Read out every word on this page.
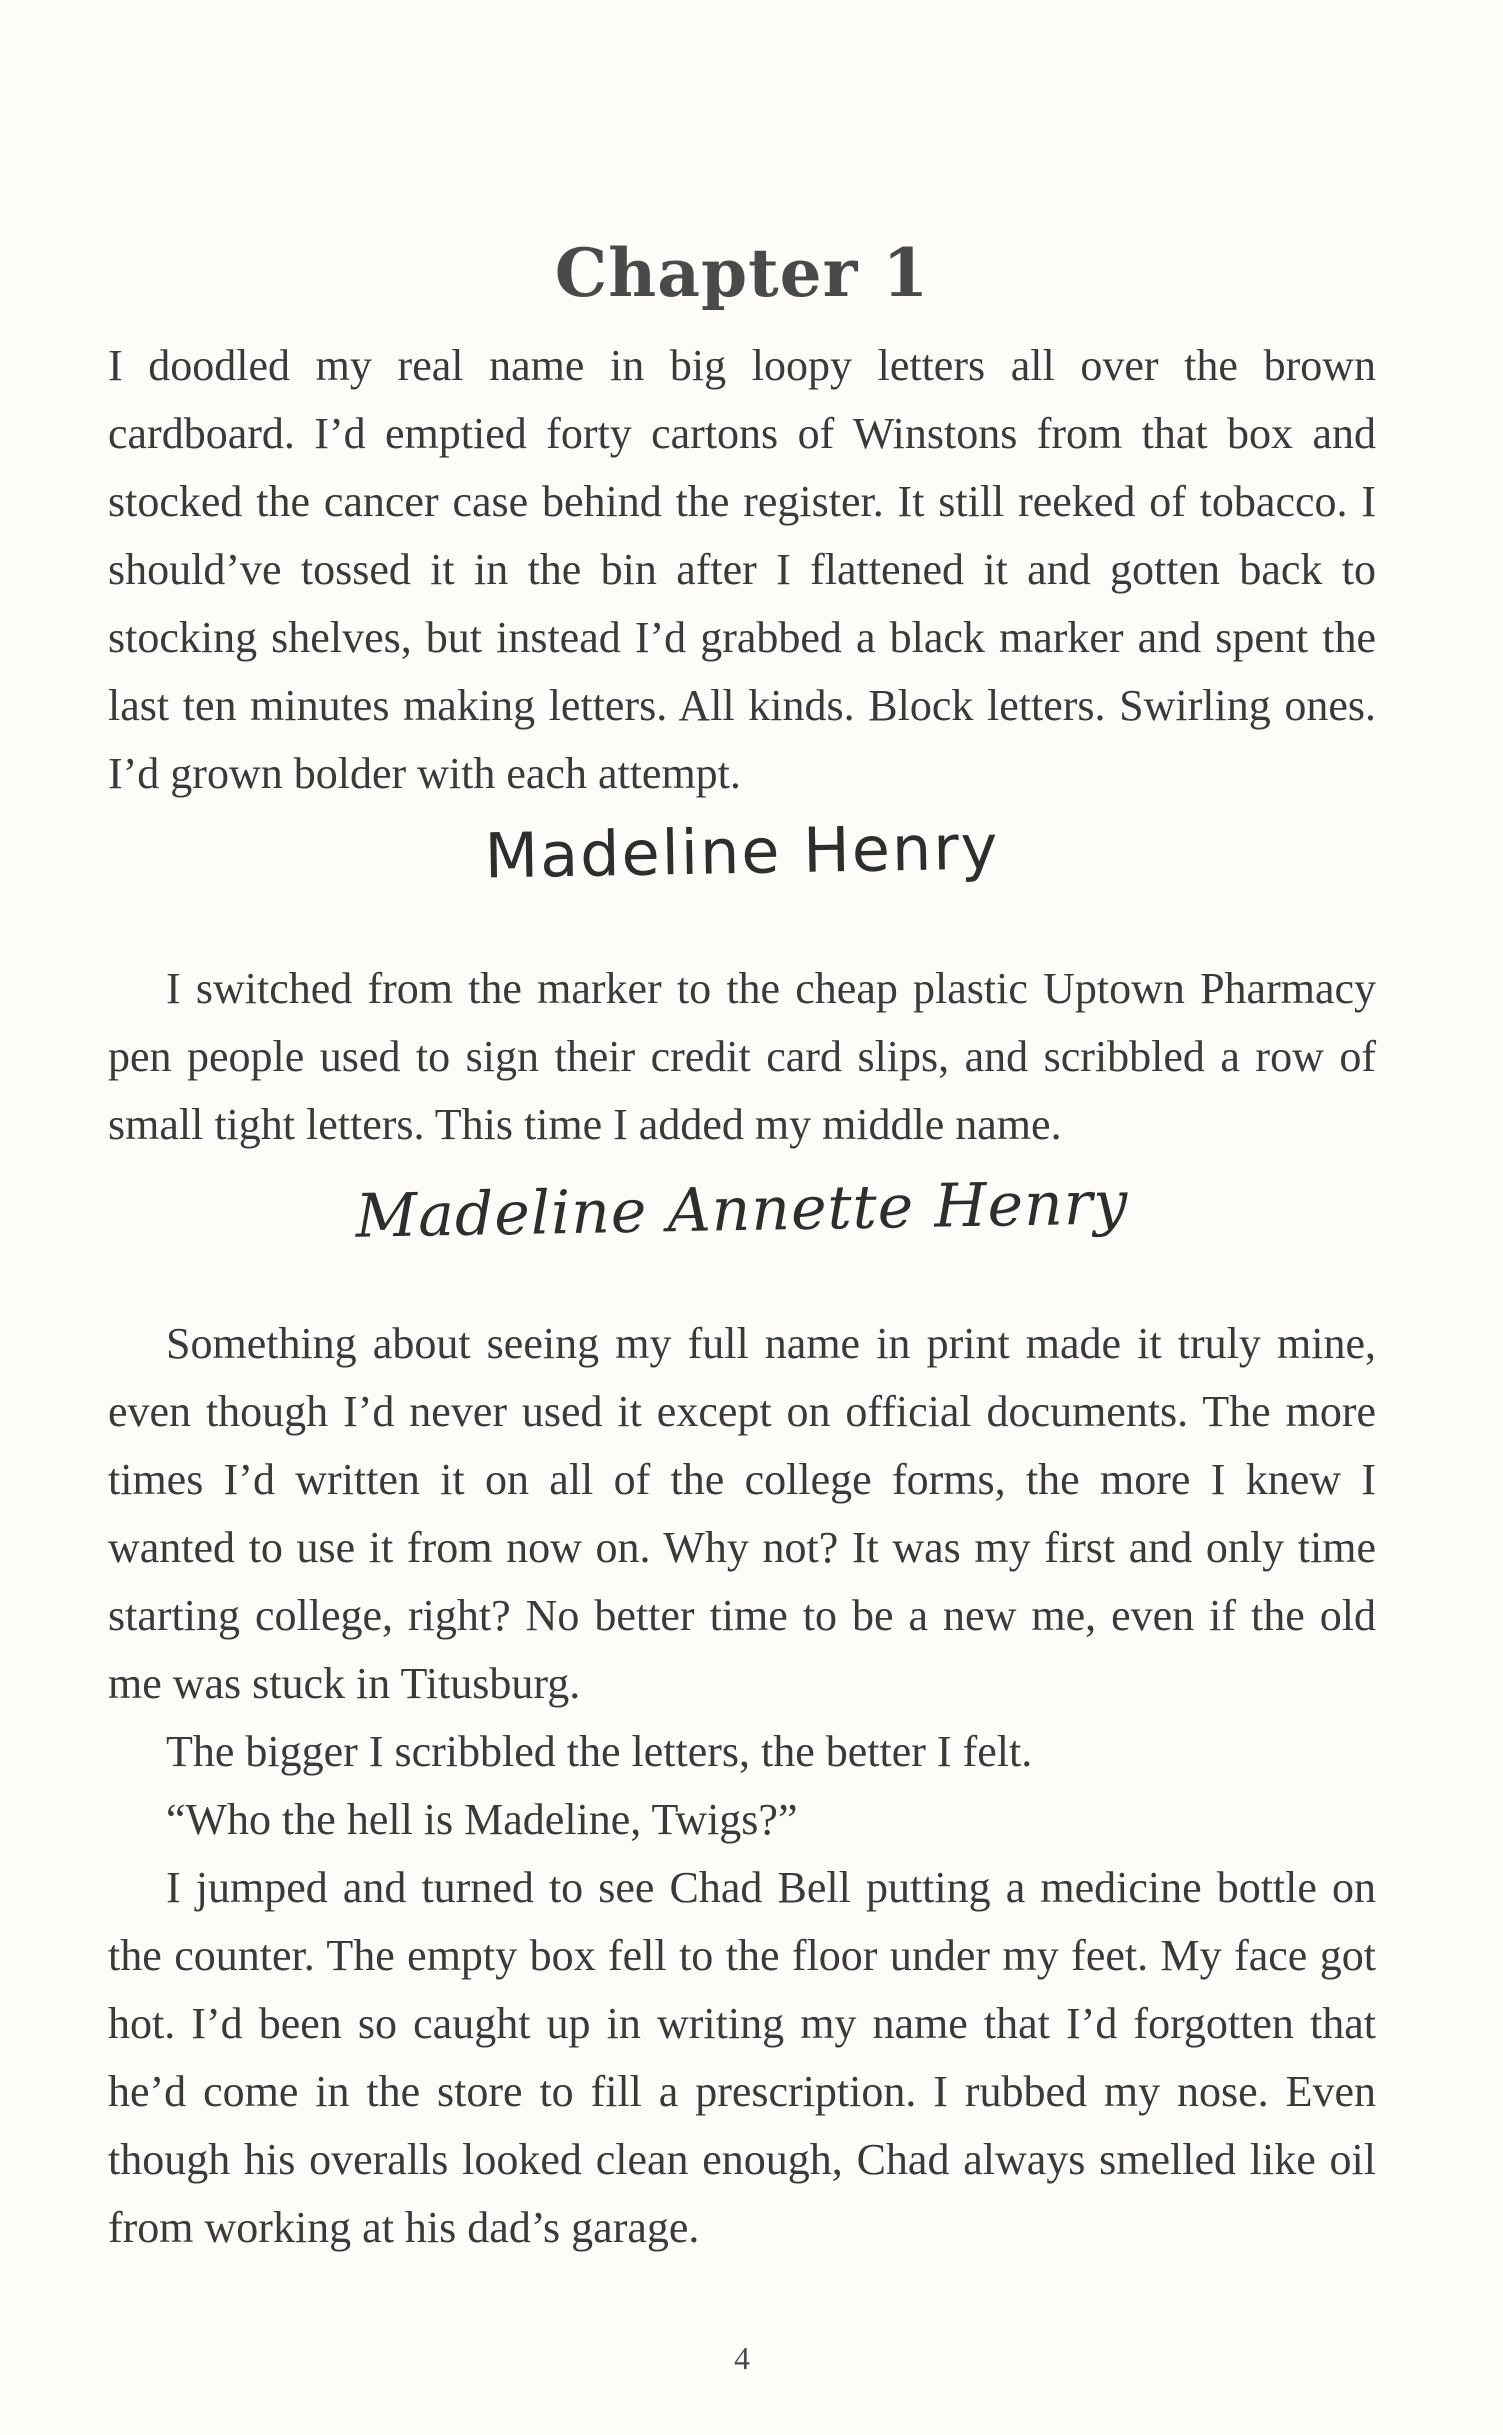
Chapter 1

I doodled my real name in big loopy letters all over the brown cardboard. I’d emptied forty cartons of Winstons from that box and stocked the cancer case behind the register. It still reeked of tobacco. I should’ve tossed it in the bin after I flattened it and gotten back to stocking shelves, but instead I’d grabbed a black marker and spent the last ten minutes making letters. All kinds. Block letters. Swirling ones. I’d grown bolder with each attempt.

Madeline Henry

I switched from the marker to the cheap plastic Uptown Pharmacy pen people used to sign their credit card slips, and scribbled a row of small tight letters. This time I added my middle name.

Madeline Annette Henry

Something about seeing my full name in print made it truly mine, even though I’d never used it except on official documents. The more times I’d written it on all of the college forms, the more I knew I wanted to use it from now on. Why not? It was my first and only time starting college, right? No better time to be a new me, even if the old me was stuck in Titusburg.

The bigger I scribbled the letters, the better I felt.

“Who the hell is Madeline, Twigs?”

I jumped and turned to see Chad Bell putting a medicine bottle on the counter. The empty box fell to the floor under my feet. My face got hot. I’d been so caught up in writing my name that I’d forgotten that he’d come in the store to fill a prescription. I rubbed my nose. Even though his overalls looked clean enough, Chad always smelled like oil from working at his dad’s garage.

4
